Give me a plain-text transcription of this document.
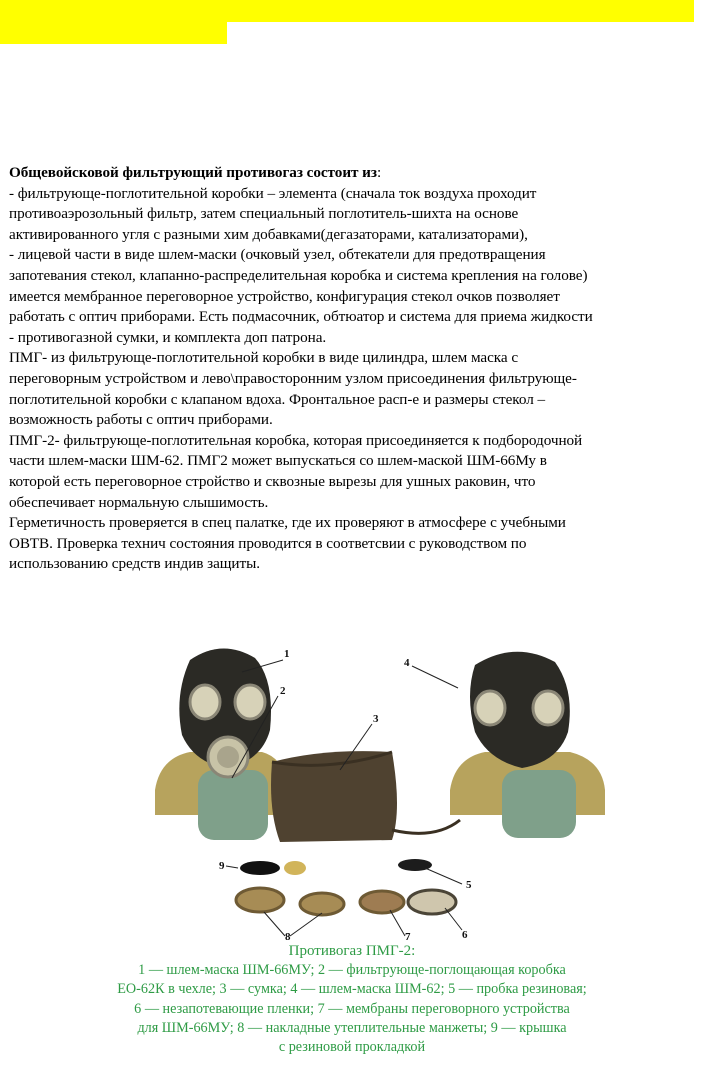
Общевойсковой фильтрующий противогаз состоит из:

- фильтрующе-поглотительной коробки – элемента (сначала ток воздуха проходит

противоаэрозольный фильтр, затем специальный поглотитель-шихта на основе

активированного угля с разными хим добавками(дегазаторами, катализаторами),

- лицевой части в виде шлем-маски (очковый узел, обтекатели для предотвращения

запотевания стекол, клапанно-распределительная коробка и система крепления на голове)

имеется мембранное переговорное устройство, конфигурация стекол очков позволяет

работать с оптич приборами. Есть подмасочник, обтюатор и система для приема жидкости

- противогазной сумки, и комплекта доп патрона.

ПМГ- из фильтрующе-поглотительной коробки в виде цилиндра, шлем маска с

переговорным устройством и лево\правосторонним узлом присоединения фильтрующе-

поглотительной коробки с клапаном вдоха. Фронтальное расп-е и размеры стекол –

возможность работы с оптич приборами.

ПМГ-2- фильтрующе-поглотительная коробка, которая присоединяется к подбородочной

части шлем-маски ШМ-62. ПМГ2 может выпускаться со шлем-маской ШМ-66Му в

которой есть переговорное стройство и сквозные вырезы для ушных раковин, что

обеспечивает нормальную слышимость.

Герметичность проверяется в спец палатке, где их проверяют в атмосфере с учебными

ОВТВ. Проверка технич состояния проводится в соответсвии с руководством по

использованию средств индив защиты.

1
2
3
4
5
6
7
8
9

Противогаз ПМГ-2:

1 — шлем-маска ШМ-66МУ; 2 — фильтрующе-поглощающая коробка

ЕО-62К в чехле; 3 — сумка; 4 — шлем-маска ШМ-62; 5 — пробка резиновая;

6 — незапотевающие пленки; 7 — мембраны переговорного устройства

для ШМ-66МУ; 8 — накладные утеплительные манжеты; 9 — крышка

с резиновой прокладкой
